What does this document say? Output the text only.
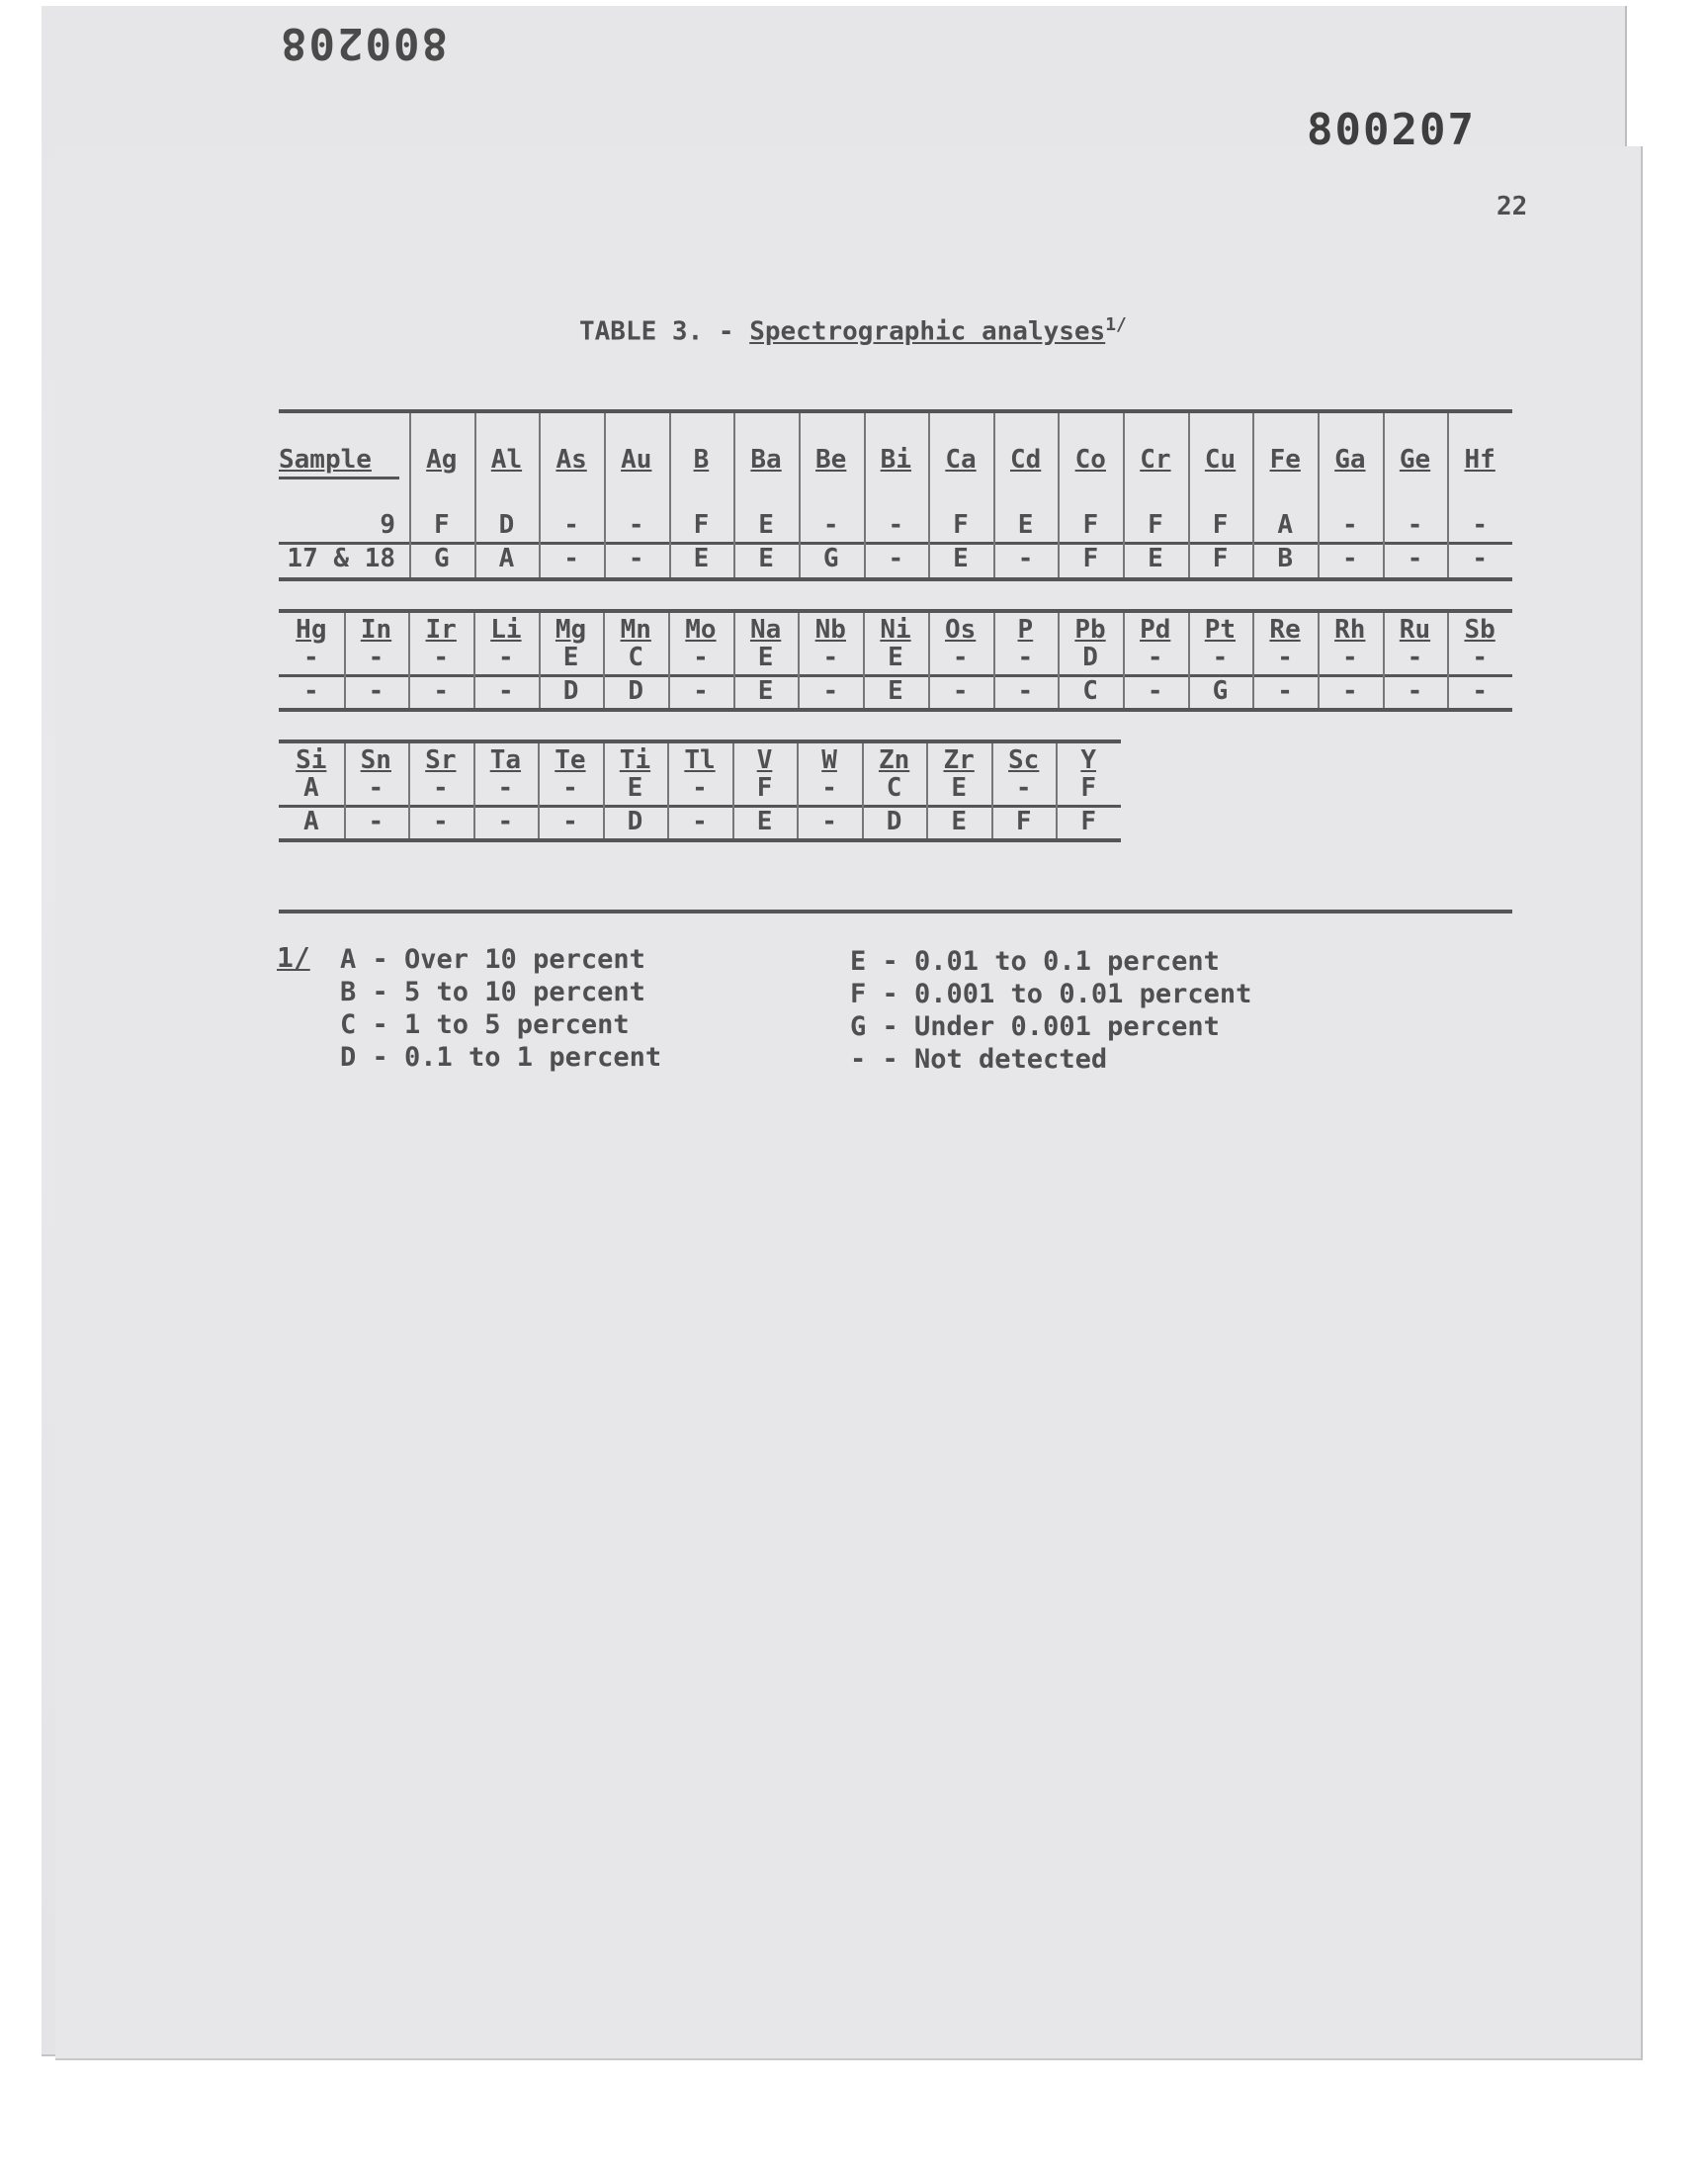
800208
800207
22
TABLE 3. - Spectrographic analyses$^{1/}$
Sample
9
17 & 18
Ag
F
G
Al
D
A
As
-
-
Au
-
-
B
F
E
Ba
E
E
Be
-
G
Bi
-
-
Ca
F
E
Cd
E
-
Co
F
F
Cr
F
E
Cu
F
F
Fe
A
B
Ga
-
-
Ge
-
-
Hf
-
-
Hg
-
-
In
-
-
Ir
-
-
Li
-
-
Mg
E
D
Mn
C
D
Mo
-
-
Na
E
E
Nb
-
-
Ni
E
E
Os
-
-
P
-
-
Pb
D
C
Pd
-
-
Pt
-
G
Re
-
-
Rh
-
-
Ru
-
-
Sb
-
-
Si
A
A
Sn
-
-
Sr
-
-
Ta
-
-
Te
-
-
Ti
E
D
Tl
-
-
V
F
E
W
-
-
Zn
C
D
Zr
E
E
Sc
-
F
Y
F
F
1/ A - Over 10 percent
B - 5 to 10 percent
C - 1 to 5 percent
D - 0.1 to 1 percent
E - 0.01 to 0.1 percent
F - 0.001 to 0.01 percent
G - Under 0.001 percent
- - Not detected
